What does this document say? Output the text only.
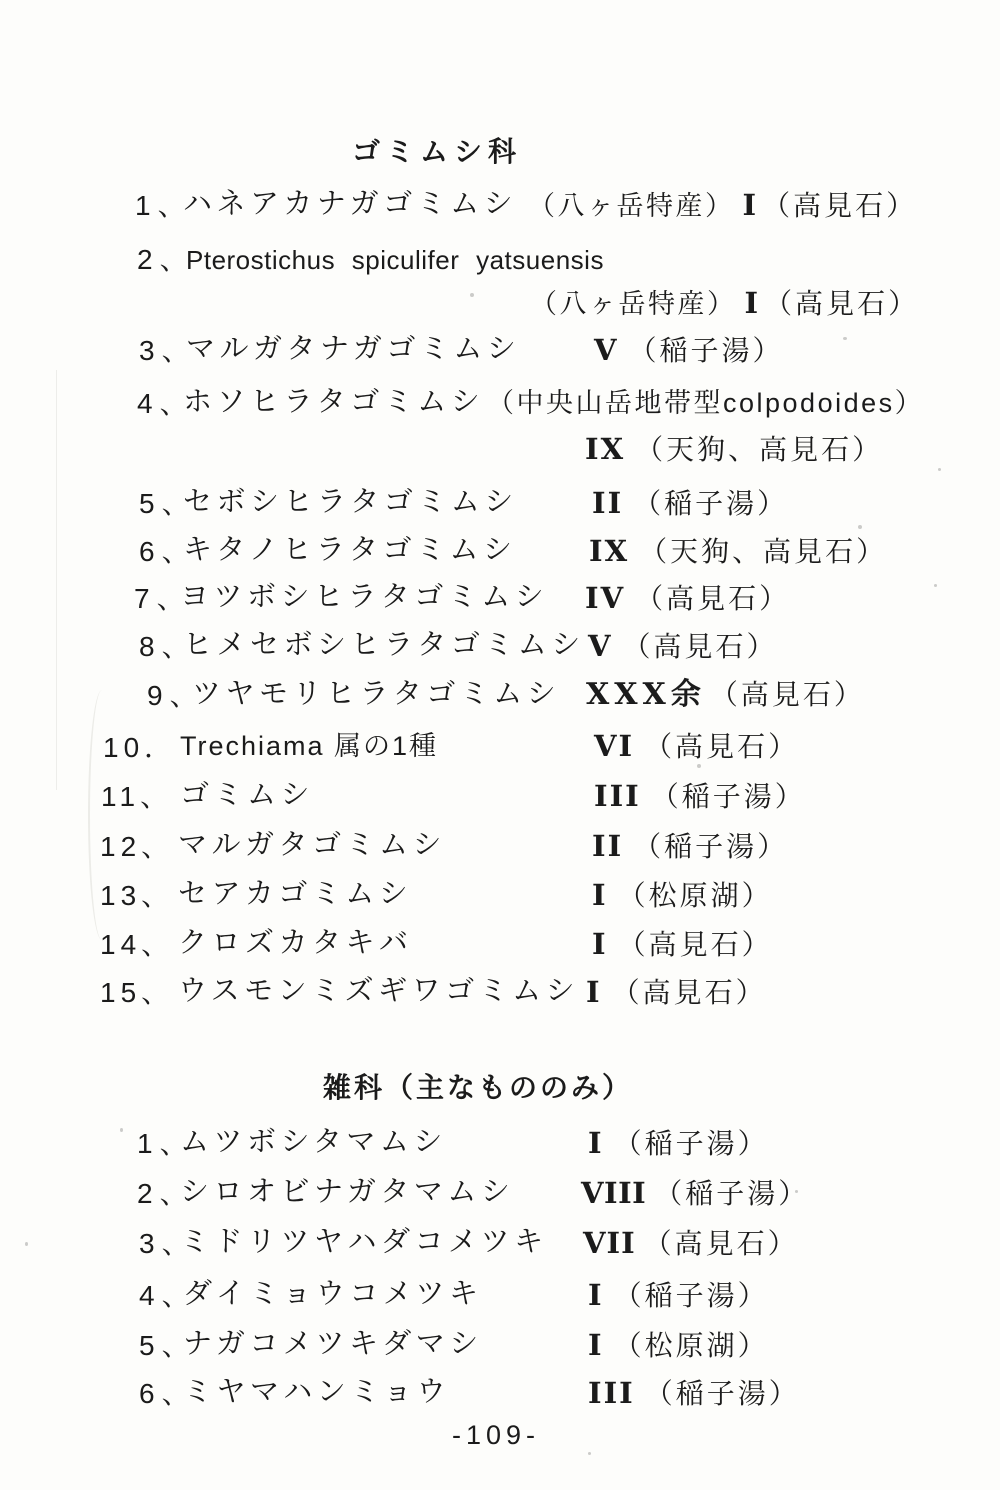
ゴミムシ科
1、
ハネアカナガゴミムシ （八ヶ岳特産） I （高見石）
2、
Pterostichus spiculifer yatsuensis
（八ヶ岳特産） I （高見石）
3、
マルガタナガゴミムシ	V （稲子湯）
4、
ホソヒラタゴミムシ （中央山岳地帯型colpodoides）
IX （天狗、高見石）
5、
セボシヒラタゴミムシ	II （稲子湯）
6、
キタノヒラタゴミムシ IX （天狗、高見石）
7、
ヨツボシヒラタゴミムシ IV （高見石）
8、
ヒメセボシヒラタゴミムシ V （高見石）
9、
ツヤモリヒラタゴミムシ XXX余 （高見石）
10． Trechiama 属の1種	VI （高見石）
11、 ゴミムシ	III （稲子湯）
12、 マルガタゴミムシ	II （稲子湯）
13、 セアカゴミムシ	I （松原湖）
14、 クロズカタキバ	I （高見石）
15、 ウスモンミズギワゴミムシ I （高見石）
雑科（主なもののみ）
1、
ムツボシタマムシ	I （稲子湯）
2、
シロオビナガタマムシ VIII （稲子湯）
3、
ミドリツヤハダコメツキ VII （高見石）
4、
ダイミョウコメツキ	I （稲子湯）
5、
ナガコメツキダマシ	I （松原湖）
6、
ミヤマハンミョウ	III （稲子湯）
-109-
